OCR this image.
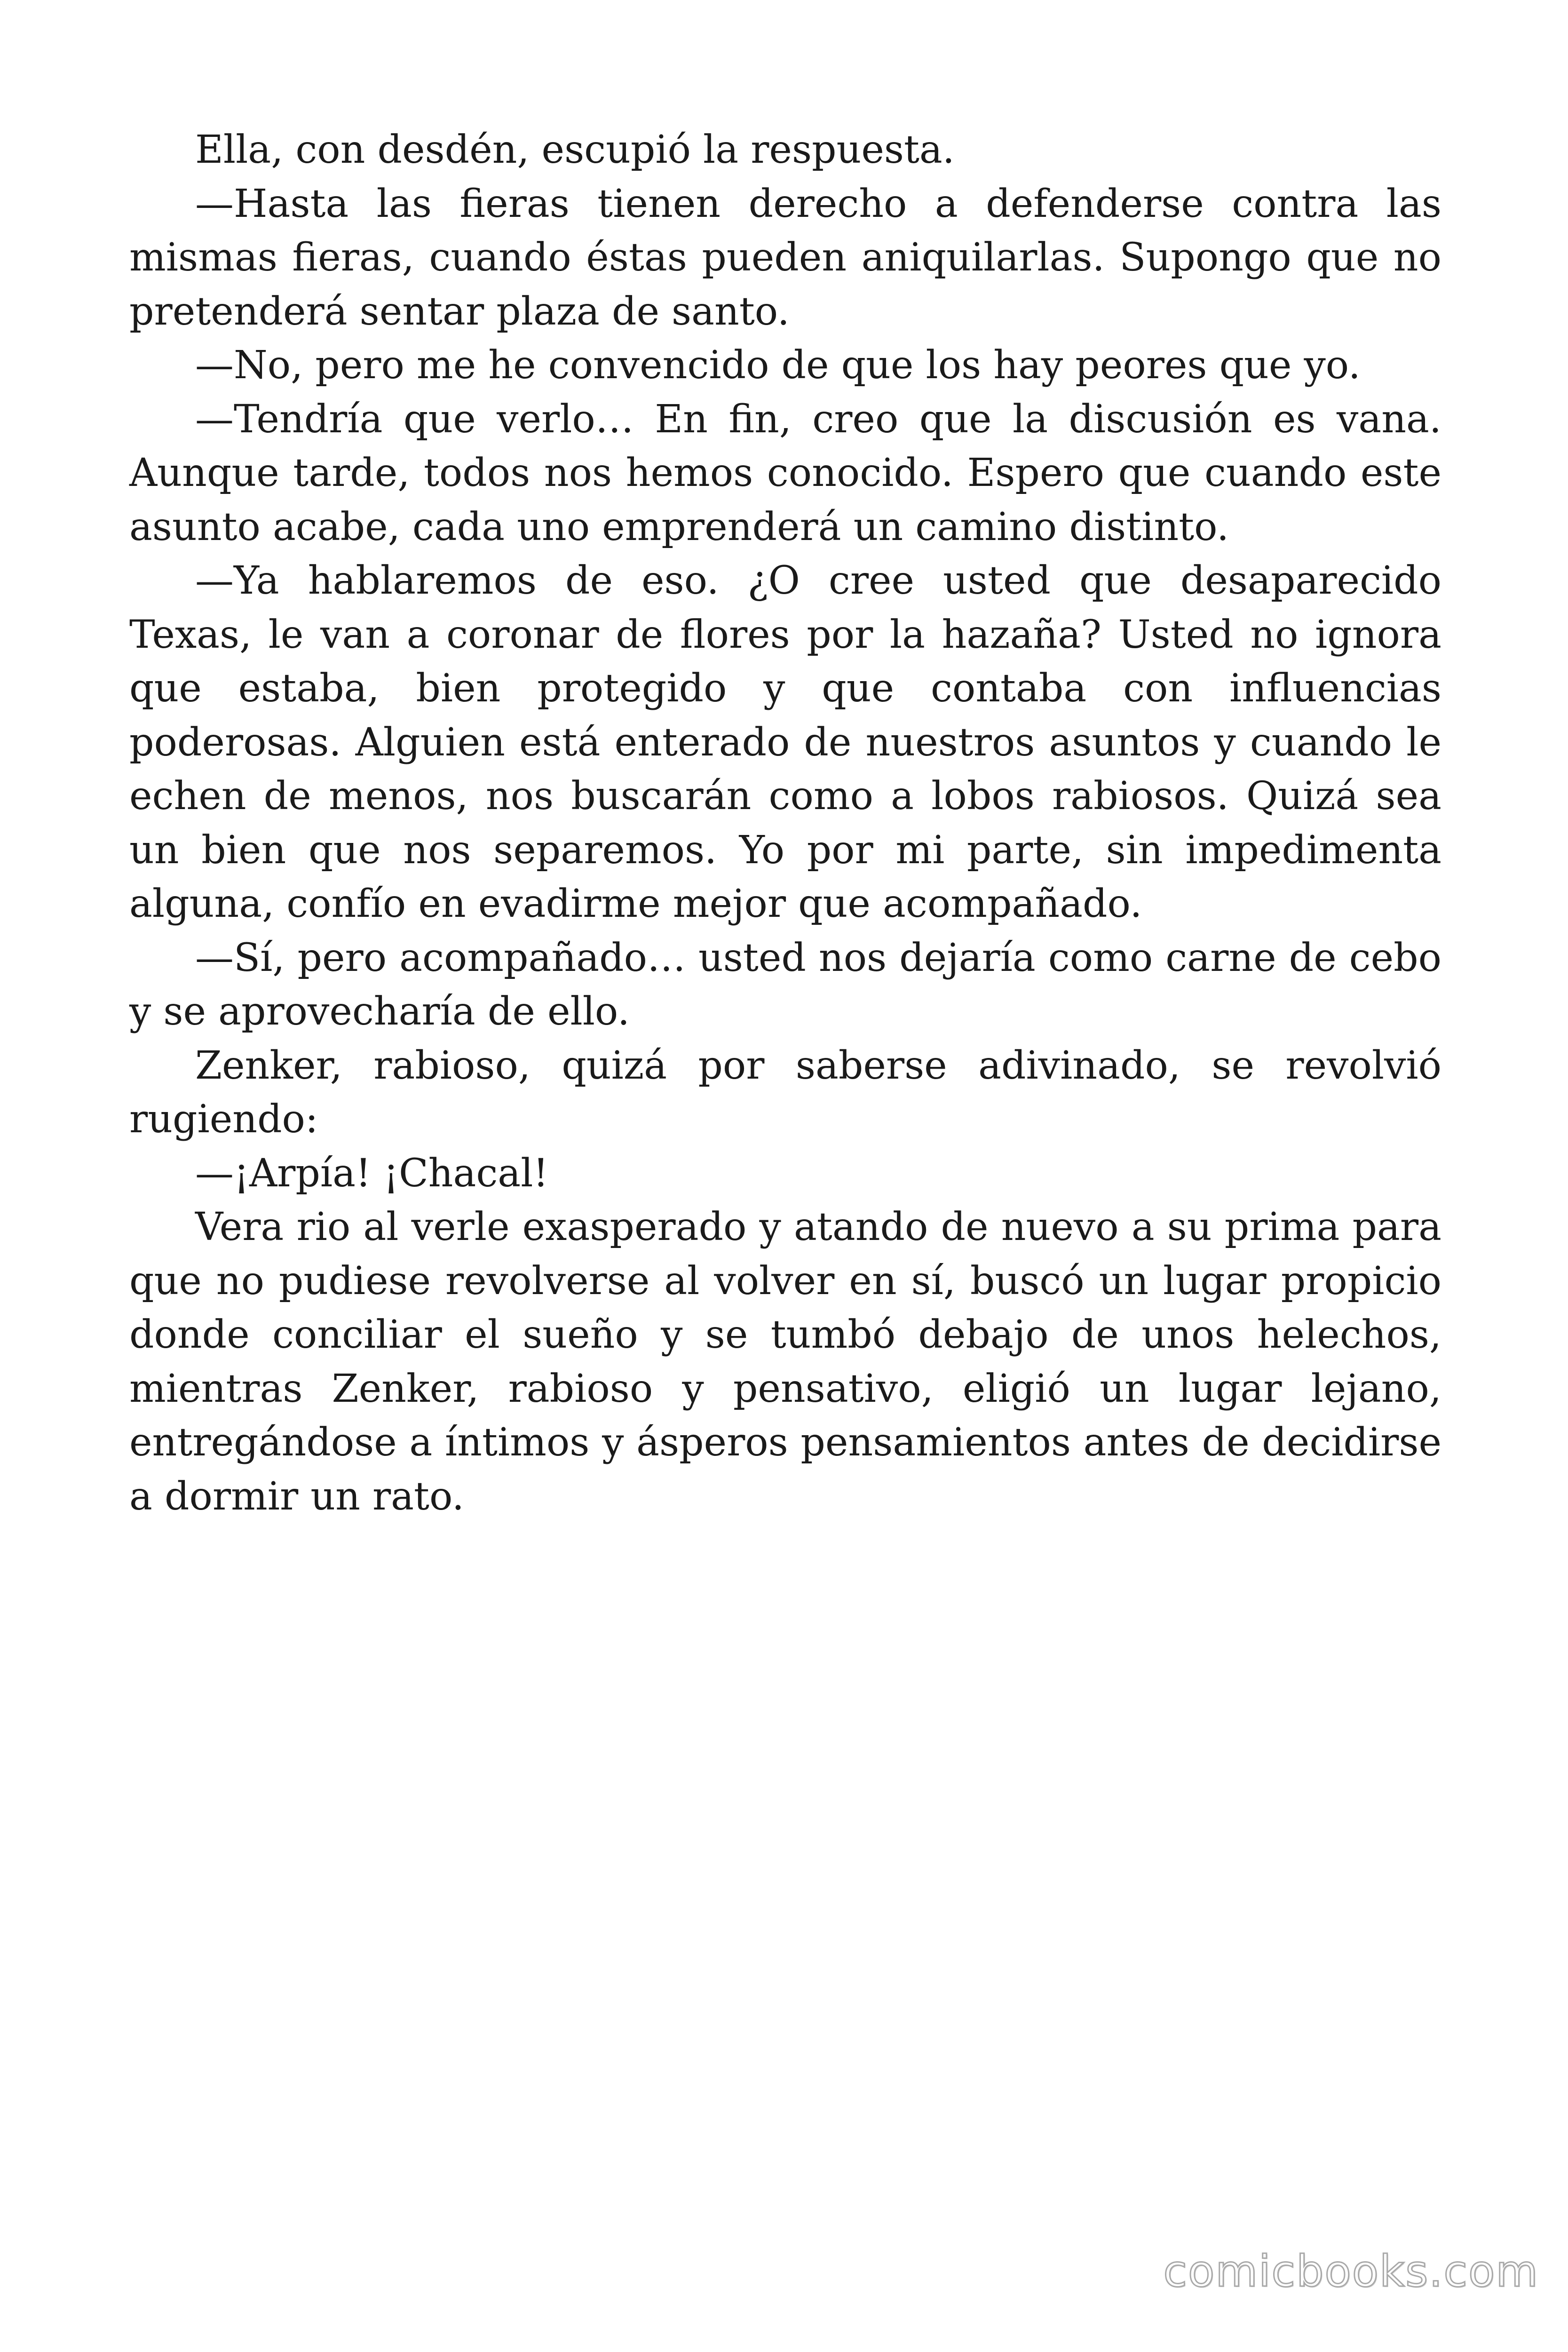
Ella, con desdén, escupió la respuesta.

—Hasta las fieras tienen derecho a defenderse contra las mismas fieras, cuando éstas pueden aniquilarlas. Supongo que no pretenderá sentar plaza de santo.

—No, pero me he convencido de que los hay peores que yo.

—Tendría que verlo… En fin, creo que la discusión es vana. Aunque tarde, todos nos hemos conocido. Espero que cuando este asunto acabe, cada uno emprenderá un camino distinto.

—Ya hablaremos de eso. ¿O cree usted que desaparecido Texas, le van a coronar de flores por la hazaña? Usted no ignora que estaba, bien protegido y que contaba con influencias poderosas. Alguien está enterado de nuestros asuntos y cuando le echen de menos, nos buscarán como a lobos rabiosos. Quizá sea un bien que nos separemos. Yo por mi parte, sin impedimenta alguna, confío en evadirme mejor que acompañado.

—Sí, pero acompañado… usted nos dejaría como carne de cebo y se aprovecharía de ello.

Zenker, rabioso, quizá por saberse adivinado, se revolvió rugiendo:

—¡Arpía! ¡Chacal!

Vera rio al verle exasperado y atando de nuevo a su prima para que no pudiese revolverse al volver en sí, buscó un lugar propicio donde conciliar el sueño y se tumbó debajo de unos helechos, mientras Zenker, rabioso y pensativo, eligió un lugar lejano, entregándose a íntimos y ásperos pensamientos antes de decidirse a dormir un rato.

comicbooks.com
